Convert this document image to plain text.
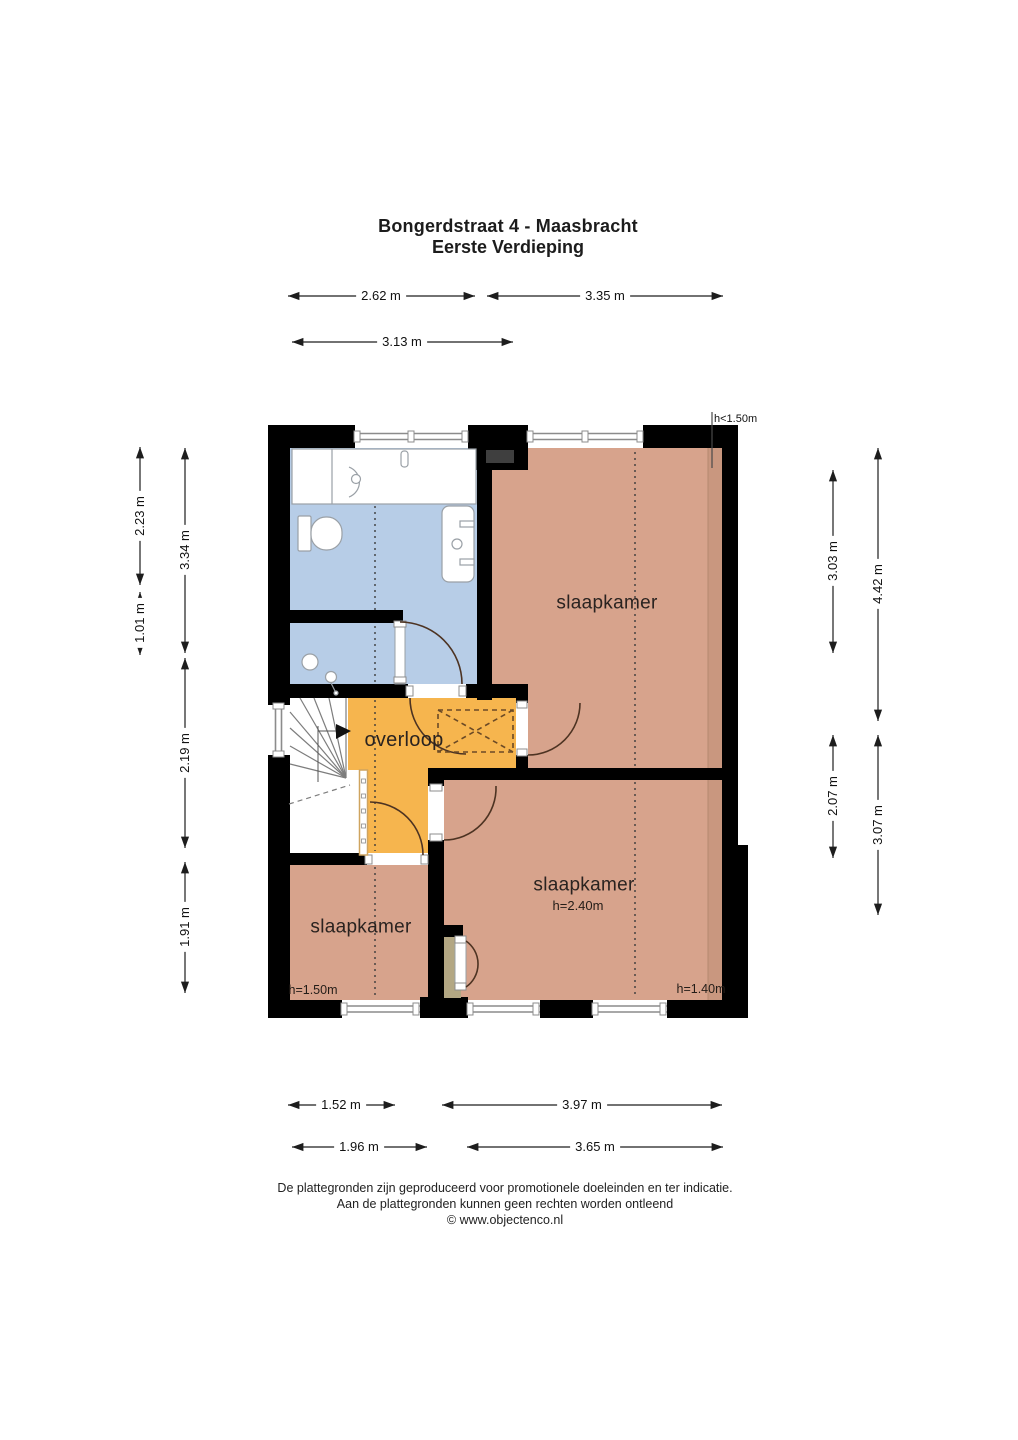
Bongerdstraat 4 - Maasbracht
Eerste Verdieping
2.62 m	3.35 m
3.13 m
2.23 m
1.01 m
3.34 m
2.19 m
1.91 m
3.03 m
4.42 m
2.07 m
3.07 m
1.52 m	3.97 m
1.96 m	3.65 m
slaapkamer
overloop
slaapkamer
h=2.40m
slaapkamer
h<1.50m
h=1.50m	h=1.40m
De plattegronden zijn geproduceerd voor promotionele doeleinden en ter indicatie.
Aan de plattegronden kunnen geen rechten worden ontleend
© www.objectenco.nl
